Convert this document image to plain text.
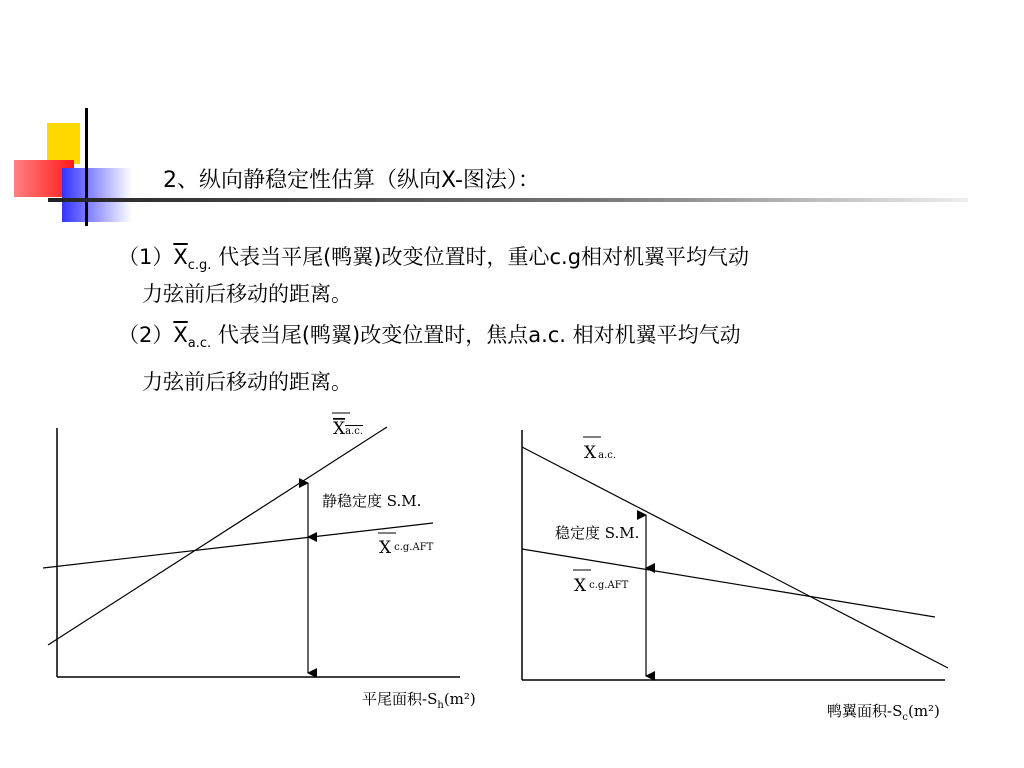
2、纵向静稳定性估算（纵向X-图法）：
$(1)\overline{X}_{c.g.}$ 代表当平尾(鸭翼)改变位置时，重心c.g相对机翼平均气动
力弦前后移动的距离。
$(2)\overline{X}_{a.c.}$ 代表当尾(鸭翼)改变位置时，焦点a.c. 相对机翼平均气动
力弦前后移动的距离。
Xa.c.
静稳定度 S.M.
Xc.g.AFT
平尾面积$-S_h(m^2)$
Xa.c.
稳定度 S.M.
Xc.g.AFT
鸭翼面积$-S_c(m^2)$
